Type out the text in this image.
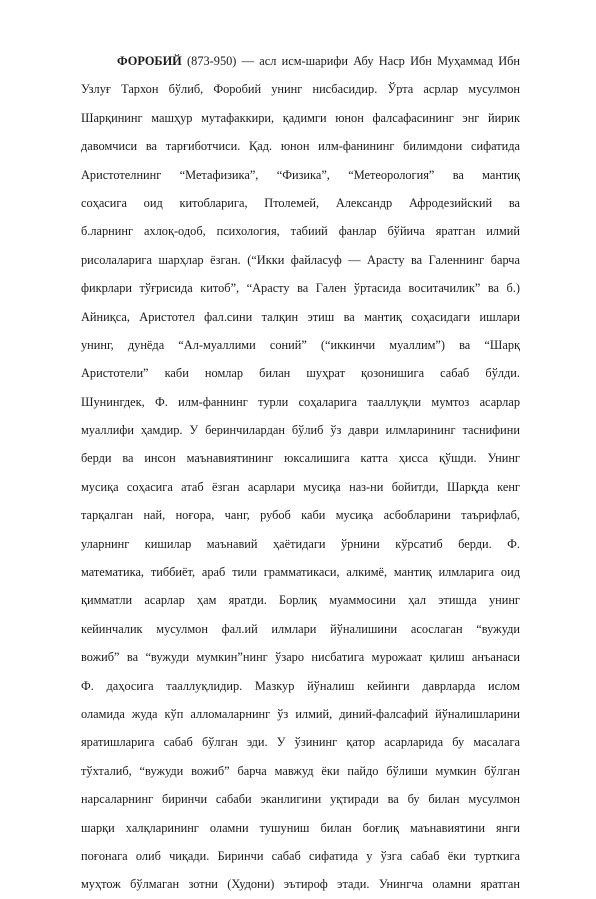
ФОРОБИЙ (873-950) — асл исм-шарифи Абу Наср Ибн Муҳаммад Ибн
Узлуғ Тархон бўлиб, Форобий унинг нисбасидир. Ўрта асрлар мусулмон
Шарқининг машҳур мутафаккири, қадимги юнон фалсафасининг энг йирик
давомчиси ва тарғиботчиси. Қад. юнон илм-фанининг билимдони сифатида
Аристотелнинг “Метафизика”, “Физика”, “Метеорология” ва мантиқ
соҳасига оид китобларига, Птолемей, Александр Афродезийский ва
б.ларнинг ахлоқ-одоб, психология, табиий фанлар бўйича яратган илмий
рисолаларига шарҳлар ёзган. (“Икки файласуф — Арасту ва Галеннинг барча
фикрлари тўғрисида китоб”, “Арасту ва Гален ўртасида воситачилик” ва б.)
Айниқса, Аристотел фал.сини талқин этиш ва мантиқ соҳасидаги ишлари
унинг, дунёда “Ал-муаллими соний” (“иккинчи муаллим”) ва “Шарқ
Аристотели” каби номлар билан шуҳрат қозонишига сабаб бўлди.
Шунингдек, Ф. илм-фаннинг турли соҳаларига тааллуқли мумтоз асарлар
муаллифи ҳамдир. У беринчилардан бўлиб ўз даври илмларининг таснифини
берди ва инсон маънавиятининг юксалишига катта ҳисса қўшди. Унинг
мусиқа соҳасига атаб ёзган асарлари мусиқа наз-ни бойитди, Шарқда кенг
тарқалган най, ноғора, чанг, рубоб каби мусиқа асбобларини таърифлаб,
уларнинг кишилар маънавий ҳаётидаги ўрнини кўрсатиб берди. Ф.
математика, тиббиёт, араб тили грамматикаси, алкимё, мантиқ илмларига оид
қимматли асарлар ҳам яратди. Борлиқ муаммосини ҳал этишда унинг
кейинчалик мусулмон фал.ий илмлари йўналишини асослаган “вужуди
вожиб” ва “вужуди мумкин”нинг ўзаро нисбатига мурожаат қилиш анъанаси
Ф. даҳосига тааллуқлидир. Мазкур йўналиш кейинги даврларда ислом
оламида жуда кўп алломаларнинг ўз илмий, диний-фалсафий йўналишларини
яратишларига сабаб бўлган эди. У ўзининг қатор асарларида бу масалага
тўхталиб, “вужуди вожиб” барча мавжуд ёки пайдо бўлиши мумкин бўлган
нарсаларнинг биринчи сабаби эканлигини уқтиради ва бу билан мусулмон
шарқи халқларининг оламни тушуниш билан боғлиқ маънавиятини янги
поғонага олиб чиқади. Биринчи сабаб сифатида у ўзга сабаб ёки турткига
муҳтож бўлмаган зотни (Худони) эътироф этади. Унингча оламни яратган
